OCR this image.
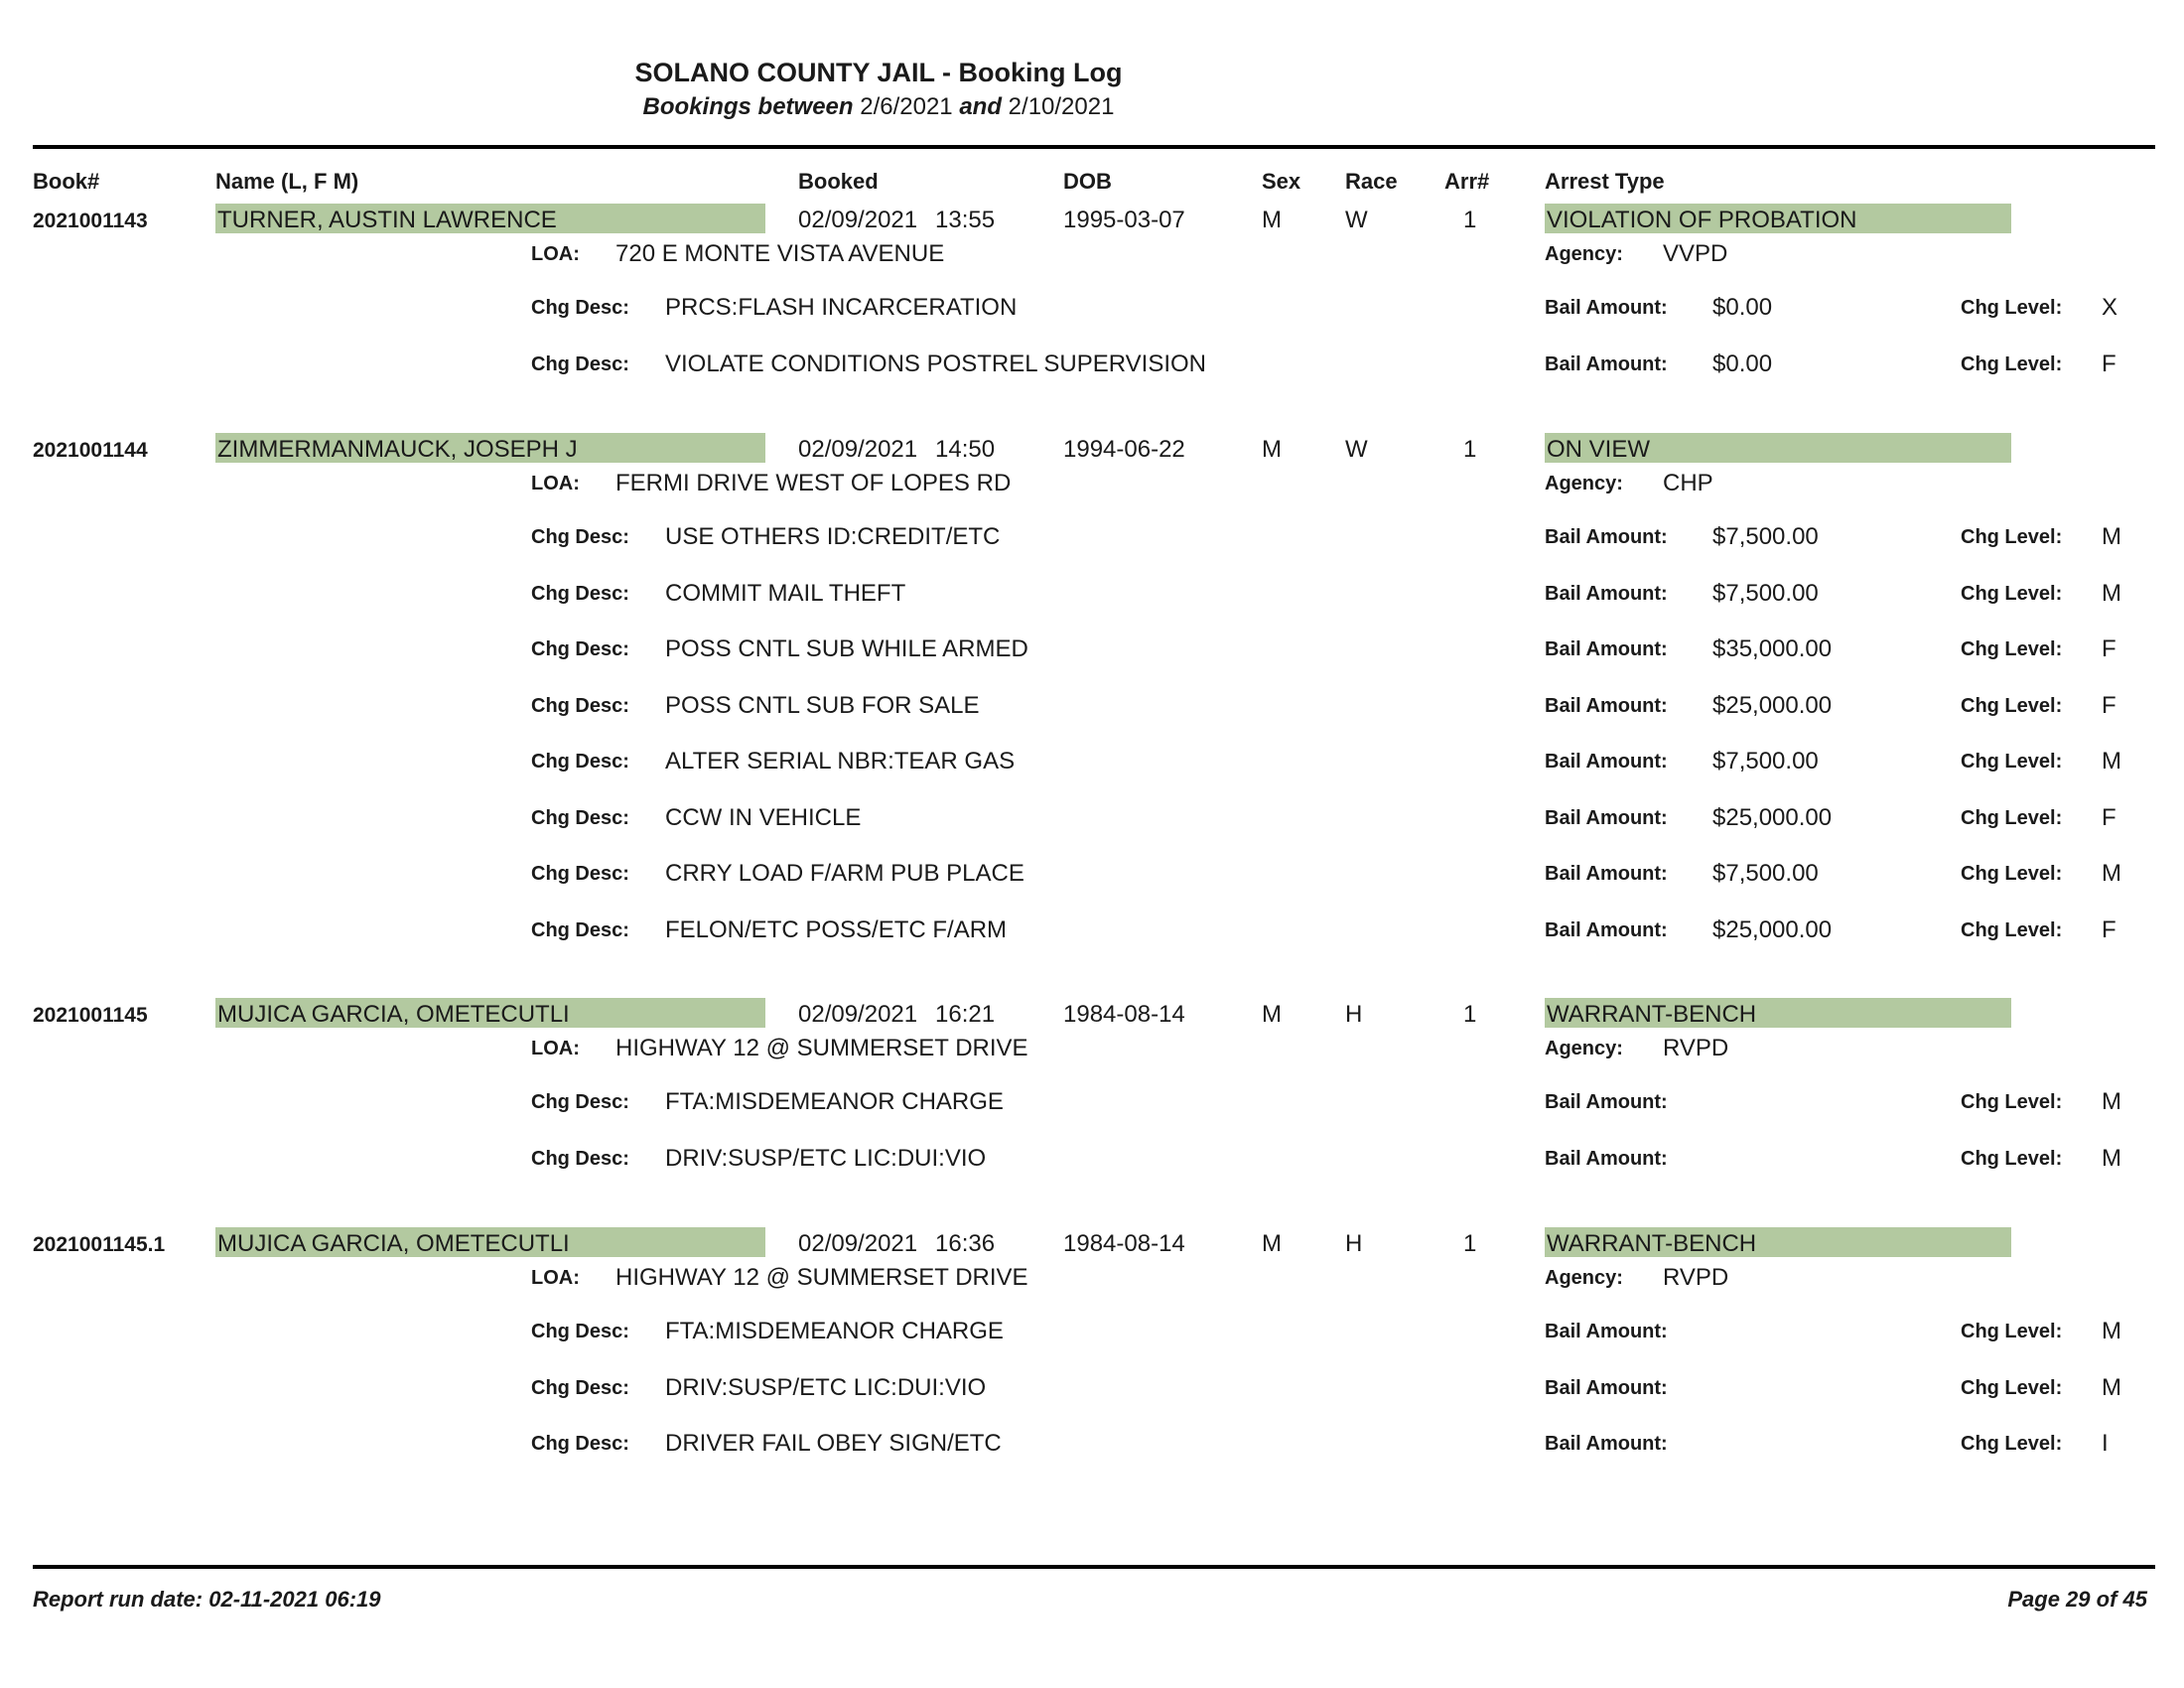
SOLANO COUNTY JAIL - Booking Log
Bookings between 2/6/2021 and 2/10/2021
Book#	Name (L, F M)	Booked	DOB	Sex Race Arr#	Arrest Type
2021001143	TURNER, AUSTIN LAWRENCE	02/09/2021 13:55	1995-03-07	M	W	1	VIOLATION OF PROBATION
LOA: 720 E MONTE VISTA AVENUE	Agency: VVPD
Chg Desc: PRCS:FLASH INCARCERATION	Bail Amount: $0.00	Chg Level: X
Chg Desc: VIOLATE CONDITIONS POSTREL SUPERVISION	Bail Amount: $0.00	Chg Level: F
2021001144	ZIMMERMANMAUCK, JOSEPH J	02/09/2021 14:50	1994-06-22	M	W	1	ON VIEW
LOA: FERMI DRIVE WEST OF LOPES RD	Agency: CHP
Chg Desc: USE OTHERS ID:CREDIT/ETC	Bail Amount: $7,500.00	Chg Level: M
Chg Desc: COMMIT MAIL THEFT	Bail Amount: $7,500.00	Chg Level: M
Chg Desc: POSS CNTL SUB WHILE ARMED	Bail Amount: $35,000.00	Chg Level: F
Chg Desc: POSS CNTL SUB FOR SALE	Bail Amount: $25,000.00	Chg Level: F
Chg Desc: ALTER SERIAL NBR:TEAR GAS	Bail Amount: $7,500.00	Chg Level: M
Chg Desc: CCW IN VEHICLE	Bail Amount: $25,000.00	Chg Level: F
Chg Desc: CRRY LOAD F/ARM PUB PLACE	Bail Amount: $7,500.00	Chg Level: M
Chg Desc: FELON/ETC POSS/ETC F/ARM	Bail Amount: $25,000.00	Chg Level: F
2021001145	MUJICA GARCIA, OMETECUTLI	02/09/2021 16:21	1984-08-14	M	H	1	WARRANT-BENCH
LOA: HIGHWAY 12 @ SUMMERSET DRIVE	Agency: RVPD
Chg Desc: FTA:MISDEMEANOR CHARGE	Bail Amount:	Chg Level: M
Chg Desc: DRIV:SUSP/ETC LIC:DUI:VIO	Bail Amount:	Chg Level: M
2021001145.1 MUJICA GARCIA, OMETECUTLI	02/09/2021 16:36	1984-08-14	M	H	1	WARRANT-BENCH
LOA: HIGHWAY 12 @ SUMMERSET DRIVE	Agency: RVPD
Chg Desc: FTA:MISDEMEANOR CHARGE	Bail Amount:	Chg Level: M
Chg Desc: DRIV:SUSP/ETC LIC:DUI:VIO	Bail Amount:	Chg Level: M
Chg Desc: DRIVER FAIL OBEY SIGN/ETC	Bail Amount:	Chg Level: I
Report run date: 02-11-2021 06:19	Page 29 of 45
